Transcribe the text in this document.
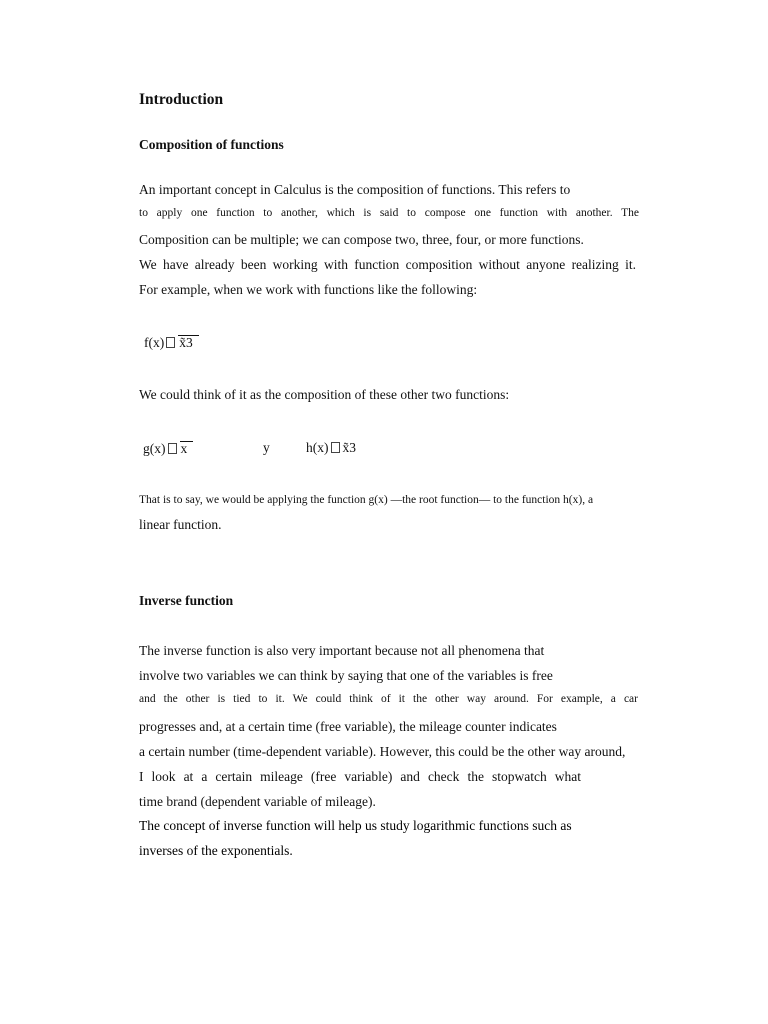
Introduction

Composition of functions

An important concept in Calculus is the composition of functions. This refers to

to apply one function to another, which is said to compose one function with another. The

Composition can be multiple; we can compose two, three, four, or more functions.

We have already been working with function composition without anyone realizing it.

For example, when we work with functions like the following:

f(x) x̃3

We could think of it as the composition of these other two functions:

g(x) x	y	h(x) x̃3

That is to say, we would be applying the function g(x) —the root function— to the function h(x), a

linear function.

Inverse function

The inverse function is also very important because not all phenomena that

involve two variables we can think by saying that one of the variables is free

and the other is tied to it. We could think of it the other way around. For example, a car

progresses and, at a certain time (free variable), the mileage counter indicates

a certain number (time-dependent variable). However, this could be the other way around,

I look at a certain mileage (free variable) and check the stopwatch what

time brand (dependent variable of mileage).

The concept of inverse function will help us study logarithmic functions such as

inverses of the exponentials.
